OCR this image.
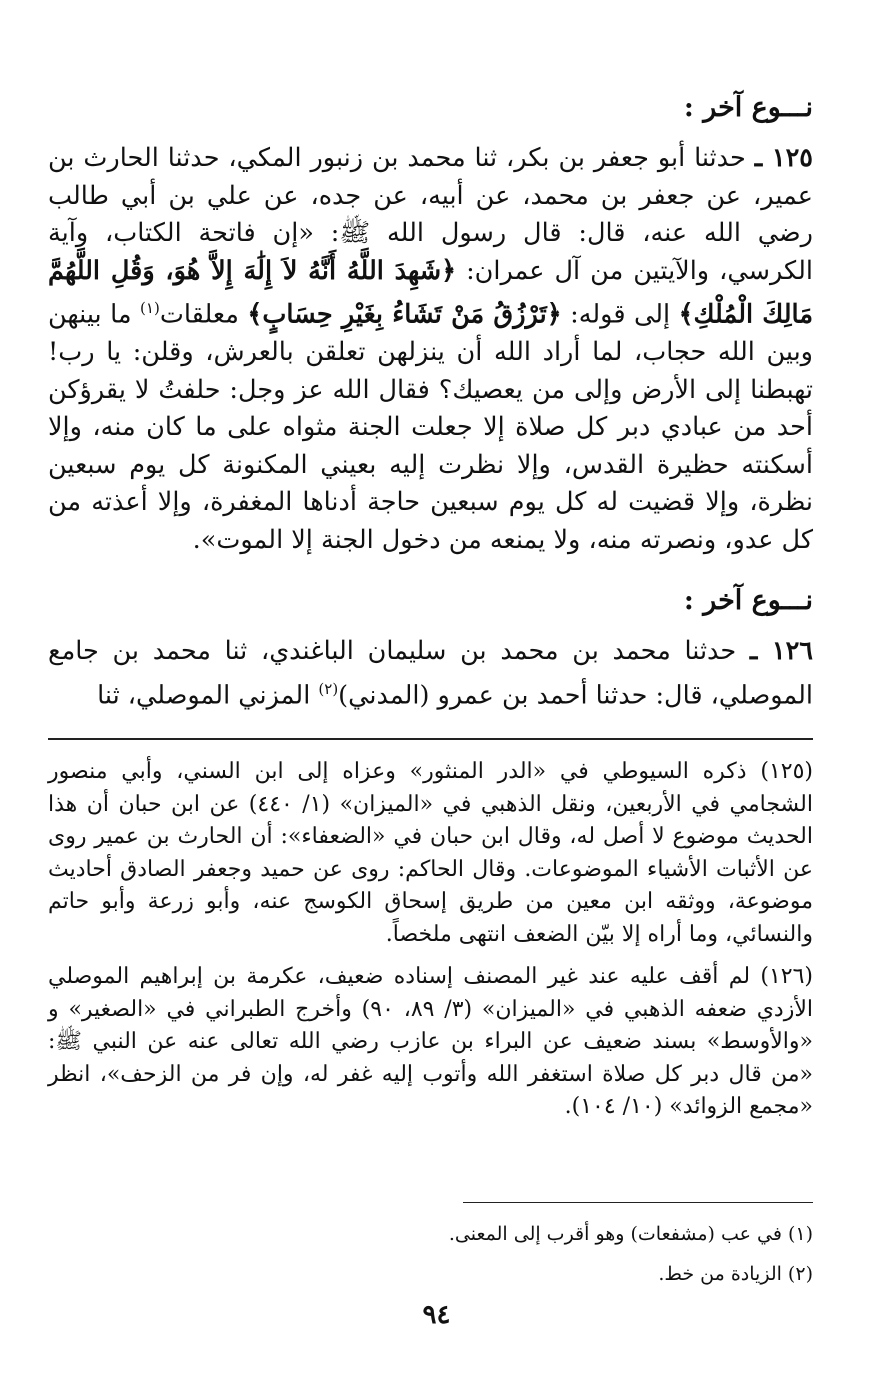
نـــوع آخر :

١٢٥ ـ حدثنا أبو جعفر بن بكر، ثنا محمد بن زنبور المكي، حدثنا الحارث بن عمير، عن جعفر بن محمد، عن أبيه، عن جده، عن علي بن أبي طالب رضي الله عنه، قال: قال رسول الله ﷺ: «إن فاتحة الكتاب، وآية الكرسي، والآيتين من آل عمران: ﴿شَهِدَ اللَّهُ أَنَّهُ لاَ إِلَٰهَ إِلاَّ هُوَ، وَقُلِ اللَّهُمَّ مَالِكَ الْمُلْكِ﴾ إلى قوله: ﴿تَرْزُقُ مَنْ تَشَاءُ بِغَيْرِ حِسَابٍ﴾ معلقات$^{(١)}$ ما بينهن وبين الله حجاب، لما أراد الله أن ينزلهن تعلقن بالعرش، وقلن: يا رب! تهبطنا إلى الأرض وإلى من يعصيك؟ فقال الله عز وجل: حلفتُ لا يقرؤكن أحد من عبادي دبر كل صلاة إلا جعلت الجنة مثواه على ما كان منه، وإلا أسكنته حظيرة القدس، وإلا نظرت إليه بعيني المكنونة كل يوم سبعين نظرة، وإلا قضيت له كل يوم سبعين حاجة أدناها المغفرة، وإلا أعذته من كل عدو، ونصرته منه، ولا يمنعه من دخول الجنة إلا الموت».

نـــوع آخر :

١٢٦ ـ حدثنا محمد بن محمد بن سليمان الباغندي، ثنا محمد بن جامع الموصلي، قال: حدثنا أحمد بن عمرو (المدني)$^{(٢)}$ المزني الموصلي، ثنا

(١٢٥) ذكره السيوطي في «الدر المنثور» وعزاه إلى ابن السني، وأبي منصور الشجامي في الأربعين، ونقل الذهبي في «الميزان» (١/ ٤٤٠) عن ابن حبان أن هذا الحديث موضوع لا أصل له، وقال ابن حبان في «الضعفاء»: أن الحارث بن عمير روى عن الأثبات الأشياء الموضوعات. وقال الحاكم: روى عن حميد وجعفر الصادق أحاديث موضوعة، ووثقه ابن معين من طريق إسحاق الكوسج عنه، وأبو زرعة وأبو حاتم والنسائي، وما أراه إلا بيّن الضعف انتهى ملخصاً.

(١٢٦) لم أقف عليه عند غير المصنف إسناده ضعيف، عكرمة بن إبراهيم الموصلي الأزدي ضعفه الذهبي في «الميزان» (٣/ ٨٩، ٩٠) وأخرج الطبراني في «الصغير» و «والأوسط» بسند ضعيف عن البراء بن عازب رضي الله تعالى عنه عن النبي ﷺ: «من قال دبر كل صلاة استغفر الله وأتوب إليه غفر له، وإن فر من الزحف»، انظر «مجمع الزوائد» (١٠/ ١٠٤).

(١) في عب (مشفعات) وهو أقرب إلى المعنى.
(٢) الزيادة من خط.
٩٤
